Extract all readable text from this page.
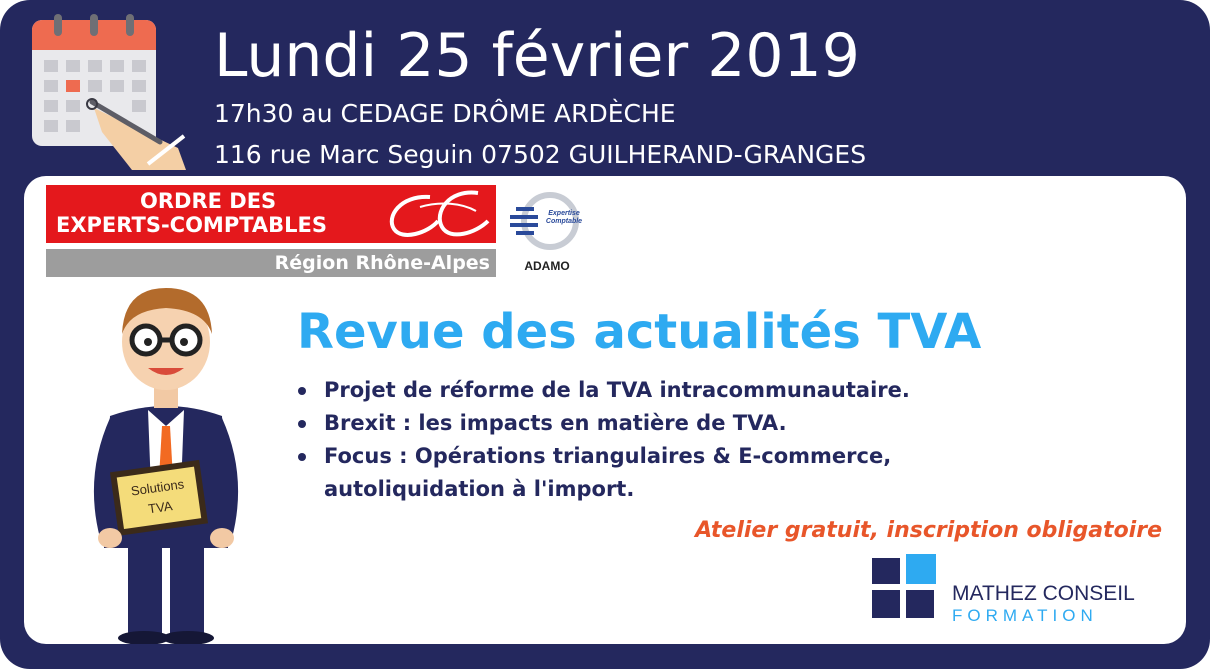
Lundi 25 février 2019
17h30 au CEDAGE DRÔME ARDÈCHE
116 rue Marc Seguin 07502 GUILHERAND-GRANGES
ORDRE DES
EXPERTS-COMPTABLES
Région Rhône-Alpes
Expertise
Comptable
ADAMO
Solutions
TVA
Revue des actualités TVA
Projet de réforme de la TVA intracommunautaire.
Brexit : les impacts en matière de TVA.
Focus : Opérations triangulaires & E-commerce, autoliquidation à l'import.
Atelier gratuit, inscription obligatoire
MATHEZ CONSEIL
FORMATION
